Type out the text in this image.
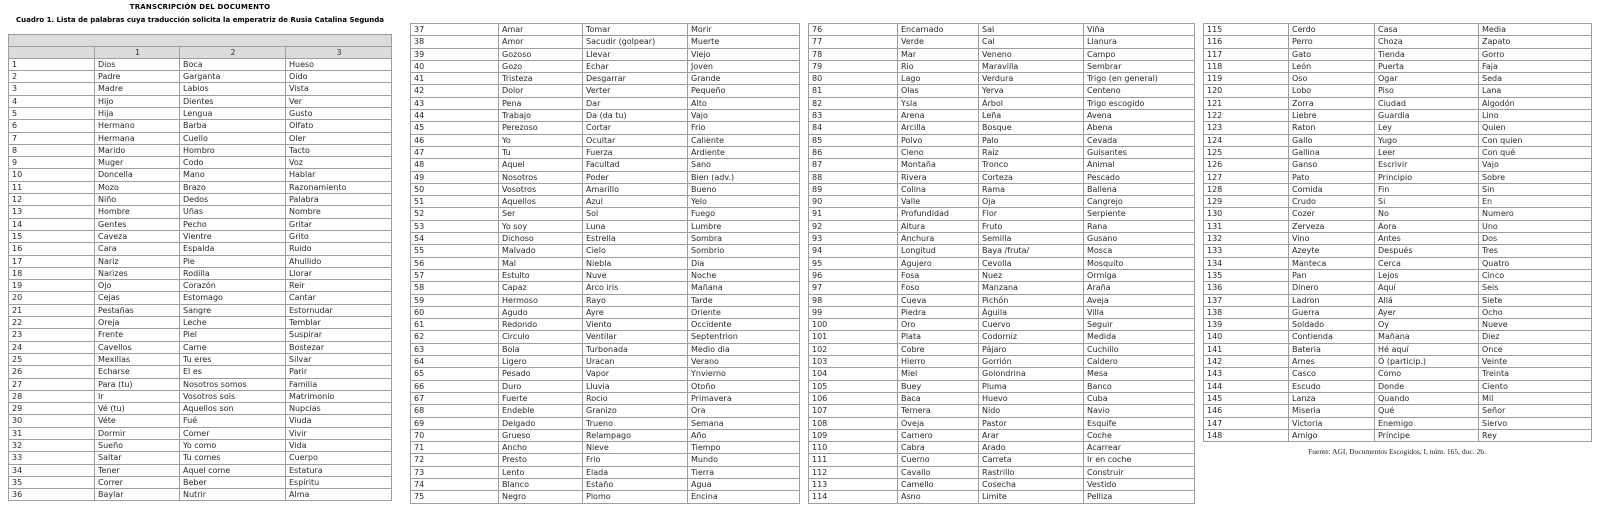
TRANSCRIPCIÓN DEL DOCUMENTO
Cuadro 1. Lista de palabras cuya traducción solicita la emperatriz de Rusia Catalina Segunda

	1	2	3
1	Dios	Boca	Hueso
2	Padre	Garganta	Oido
3	Madre	Labios	Vista
4	Hijo	Dientes	Ver
5	Hija	Lengua	Gusto
6	Hermano	Barba	Olfato
7	Hermana	Cuello	Oler
8	Marido	Hombro	Tacto
9	Muger	Codo	Voz
10	Doncella	Mano	Hablar
11	Mozo	Brazo	Razonamiento
12	Niño	Dedos	Palabra
13	Hombre	Uñas	Nombre
14	Gentes	Pecho	Gritar
15	Caveza	Vientre	Grito
16	Cara	Espalda	Ruido
17	Nariz	Pie	Ahullido
18	Narizes	Rodilla	Llorar
19	Ojo	Corazón	Reir
20	Cejas	Estomago	Cantar
21	Pestañas	Sangre	Estornudar
22	Oreja	Leche	Temblar
23	Frente	Piel	Suspirar
24	Cavellos	Carne	Bostezar
25	Mexillas	Tu eres	Silvar
26	Echarse	El es	Parir
27	Para (tu)	Nosotros somos	Familia
28	Ir	Vosotros sois	Matrimonio
29	Vé (tu)	Aquellos son	Nupcias
30	Véte	Fué	Viuda
31	Dormir	Comer	Vivir
32	Sueño	Yo como	Vida
33	Saltar	Tu comes	Cuerpo
34	Tener	Aquel come	Estatura
35	Correr	Beber	Espíritu
36	Baylar	Nutrir	Alma
37	Amar	Tomar	Morir
38	Amor	Sacudir (golpear)	Muerte
39	Gozoso	Llevar	Viejo
40	Gozo	Echar	Joven
41	Tristeza	Desgarrar	Grande
42	Dolor	Verter	Pequeño
43	Pena	Dar	Alto
44	Trabajo	Da (da tu)	Vajo
45	Perezoso	Cortar	Frio
46	Yo	Ocultar	Caliente
47	Tu	Fuerza	Ardiente
48	Aquel	Facultad	Sano
49	Nosotros	Poder	Bien (adv.)
50	Vosotros	Amarillo	Bueno
51	Aquellos	Azul	Yelo
52	Ser	Sol	Fuego
53	Yo soy	Luna	Lumbre
54	Dichoso	Estrella	Sombra
55	Malvado	Cielo	Sombrio
56	Mal	Niebla	Dia
57	Estulto	Nuve	Noche
58	Capaz	Arco iris	Mañana
59	Hermoso	Rayo	Tarde
60	Agudo	Ayre	Oriente
61	Redondo	Viento	Occidente
62	Circulo	Ventilar	Septentrion
63	Bola	Turbonada	Medio dia
64	Ligero	Uracan	Verano
65	Pesado	Vapor	Ynvierno
66	Duro	Lluvia	Otoño
67	Fuerte	Rocio	Primavera
68	Endeble	Granizo	Ora
69	Delgado	Trueno	Semana
70	Grueso	Relampago	Año
71	Ancho	Nieve	Tiempo
72	Presto	Frio	Mundo
73	Lento	Elada	Tierra
74	Blanco	Estaño	Agua
75	Negro	Plomo	Encina
76	Encarnado	Sal	Viña
77	Verde	Cal	Llanura
78	Mar	Veneno	Campo
79	Rio	Maravilla	Sembrar
80	Lago	Verdura	Trigo (en general)
81	Olas	Yerva	Centeno
82	Ysla	Árbol	Trigo escogido
83	Arena	Leña	Avena
84	Arcilla	Bosque	Abena
85	Polvo	Palo	Cevada
86	Cieno	Raíz	Guisantes
87	Montaña	Tronco	Animal
88	Rivera	Corteza	Pescado
89	Colina	Rama	Ballena
90	Valle	Oja	Cangrejo
91	Profundidad	Flor	Serpiente
92	Altura	Fruto	Rana
93	Anchura	Semilla	Gusano
94	Longitud	Baya /fruta/	Mosca
95	Agujero	Cevolla	Mosquito
96	Fosa	Nuez	Ormiga
97	Foso	Manzana	Araña
98	Cueva	Pichón	Aveja
99	Piedra	Águila	Villa
100	Oro	Cuervo	Seguir
101	Plata	Codorniz	Medida
102	Cobre	Pájaro	Cuchillo
103	Hierro	Gorrión	Caldero
104	Miel	Golondrina	Mesa
105	Buey	Pluma	Banco
106	Baca	Huevo	Cuba
107	Ternera	Nido	Navio
108	Oveja	Pastor	Esquife
109	Carnero	Arar	Coche
110	Cabra	Arado	Acarrear
111	Cuerno	Carreta	Ir en coche
112	Cavallo	Rastrillo	Construir
113	Camello	Cosecha	Vestido
114	Asno	Limite	Pelliza
115	Cerdo	Casa	Media
116	Perro	Choza	Zapato
117	Gato	Tienda	Gorro
118	León	Puerta	Faja
119	Oso	Ogar	Seda
120	Lobo	Piso	Lana
121	Zorra	Ciudad	Algodón
122	Liebre	Guardia	Lino
123	Raton	Ley	Quien
124	Gallo	Yugo	Con quien
125	Gallina	Leer	Con qué
126	Ganso	Escrivir	Vajo
127	Pato	Principio	Sobre
128	Comida	Fin	Sin
129	Crudo	Si	En
130	Cozer	No	Numero
131	Zerveza	Aora	Uno
132	Vino	Antes	Dos
133	Azeyte	Después	Tres
134	Manteca	Cerca	Quatro
135	Pan	Lejos	Cinco
136	Dinero	Aquí	Seis
137	Ladron	Allá	Siete
138	Guerra	Ayer	Ocho
139	Soldado	Oy	Nueve
140	Contienda	Mañana	Diez
141	Bateria	Hé aquí	Once
142	Arnes	Ó (particip.)	Veinte
143	Casco	Como	Treinta
144	Escudo	Donde	Ciento
145	Lanza	Quando	Mil
146	Miseria	Qué	Señor
147	Victoria	Enemigo	Siervo
148	Amigo	Príncipe	Rey
Fuente: AGI, Documentos Escogidos, I, núm. 165, doc. 2b.
